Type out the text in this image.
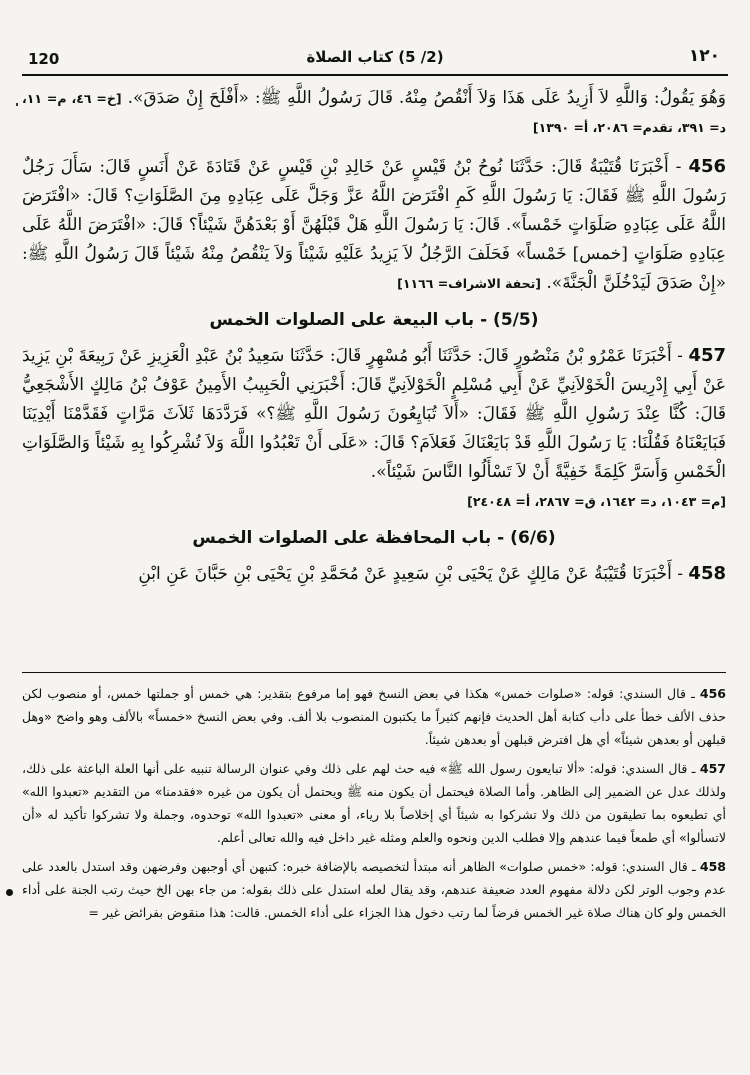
120	(2/ 5) كتاب الصلاة	١٢٠

وَهُوَ يَقُولُ: وَاللَّهِ لاَ أَزِيدُ عَلَى هَذَا وَلاَ أَنْقُصُ مِنْهُ. قَالَ رَسُولُ اللَّهِ ﷺ: «أَفْلَحَ إِنْ صَدَقَ». [خ= ٤٦، م= ١١، د= ٣٩١، تقدم= ٢٠٨٦، أ= ١٣٩٠]

456 - أَخْبَرَنَا قُتَيْبَةُ قَالَ: حَدَّثَنَا نُوحُ بْنُ قَيْسٍ عَنْ خَالِدِ بْنِ قَيْسٍ عَنْ قَتَادَةَ عَنْ أَنَسٍ قَالَ: سَأَلَ رَجُلٌ رَسُولَ اللَّهِ ﷺ فَقَالَ: يَا رَسُولَ اللَّهِ كَمِ افْتَرَضَ اللَّهُ عَزَّ وَجَلَّ عَلَى عِبَادِهِ مِنَ الصَّلَوَاتِ؟ قَالَ: «افْتَرَضَ اللَّهُ عَلَى عِبَادِهِ صَلَوَاتٍ خَمْساً». قَالَ: يَا رَسُولَ اللَّهِ هَلْ قَبْلَهُنَّ أَوْ بَعْدَهُنَّ شَيْئاً؟ قَالَ: «افْتَرَضَ اللَّهُ عَلَى عِبَادِهِ صَلَوَاتٍ [خمس] خَمْساً» فَحَلَفَ الرَّجُلُ لاَ يَزِيدُ عَلَيْهِ شَيْئاً وَلاَ يَنْقُصُ مِنْهُ شَيْئاً قَالَ رَسُولُ اللَّهِ ﷺ: «إِنْ صَدَقَ لَيَدْخُلَنَّ الْجَنَّةَ». [تحفة الاشراف= ١١٦٦]

(5/5) - باب البيعة على الصلوات الخمس

457 - أَخْبَرَنَا عَمْرُو بْنُ مَنْصُورٍ قَالَ: حَدَّثَنَا أَبُو مُسْهِرٍ قَالَ: حَدَّثَنَا سَعِيدُ بْنُ عَبْدِ الْعَزِيزِ عَنْ رَبِيعَةَ بْنِ يَزِيدَ عَنْ أَبِي إِدْرِيسَ الْخَوْلاَنِيِّ عَنْ أَبِي مُسْلِمٍ الْخَوْلاَنِيِّ قَالَ: أَخْبَرَنِي الْحَبِيبُ الأَمِينُ عَوْفُ بْنُ مَالِكٍ الأَشْجَعِيُّ قَالَ: كُنَّا عِنْدَ رَسُولِ اللَّهِ ﷺ فَقَالَ: «أَلاَ تُبَايِعُونَ رَسُولَ اللَّهِ ﷺ؟» فَرَدَّدَهَا ثَلاَثَ مَرَّاتٍ فَقَدَّمْنَا أَيْدِيَنَا فَبَايَعْنَاهُ فَقُلْنَا: يَا رَسُولَ اللَّهِ قَدْ بَايَعْنَاكَ فَعَلاَمَ؟ قَالَ: «عَلَى أَنْ تَعْبُدُوا اللَّهَ وَلاَ تُشْرِكُوا بِهِ شَيْئاً وَالصَّلَوَاتِ الْخَمْسِ وَأَسَرَّ كَلِمَةً خَفِيَّةً أَنْ لاَ تَسْأَلُوا النَّاسَ شَيْئاً».

[م= ١٠٤٣، د= ١٦٤٢، ق= ٢٨٦٧، أ= ٢٤٠٤٨]

(6/6) - باب المحافظة على الصلوات الخمس

458 - أَخْبَرَنَا قُتَيْبَةُ عَنْ مَالِكٍ عَنْ يَحْيَى بْنِ سَعِيدٍ عَنْ مُحَمَّدِ بْنِ يَحْيَى بْنِ حَبَّانَ عَنِ ابْنِ

456 ـ قال السندي: قوله: «صلوات خمس» هكذا في بعض النسخ فهو إما مرفوع بتقدير: هي خمس أو جملتها خمس، أو منصوب لكن حذف الألف خطأ على دأب كتابة أهل الحديث فإنهم كثيراً ما يكتبون المنصوب بلا ألف. وفي بعض النسخ «خمساً» بالألف وهو واضح «وهل قبلهن أو بعدهن شيئاً» أي هل افترض قبلهن أو بعدهن شيئاً.

457 ـ قال السندي: قوله: «ألا تبايعون رسول الله ﷺ» فيه حث لهم على ذلك وفي عنوان الرسالة تنبيه على أنها العلة الباعثة على ذلك، ولذلك عدل عن الضمير إلى الظاهر. وأما الصلاة فيحتمل أن يكون منه ﷺ ويحتمل أن يكون من غيره «فقدمنا» من التقديم «تعبدوا الله» أي تطيعوه بما تطيقون من ذلك ولا تشركوا به شيئاً أي إخلاصاً بلا رياء، أو معنى «تعبدوا الله» توحدوه، وجملة ولا تشركوا تأكيد له «أن لاتسألوا» أي طمعاً فيما عندهم وإلا فطلب الدين ونحوه والعلم ومثله غير داخل فيه والله تعالى أعلم.

458 ـ قال السندي: قوله: «خمس صلوات» الظاهر أنه مبتدأ لتخصيصه بالإضافة خبره: كتبهن أي أوجبهن وفرضهن وقد استدل بالعدد على عدم وجوب الوتر لكن دلالة مفهوم العدد ضعيفة عندهم، وقد يقال لعله استدل على ذلك بقوله: من جاء بهن الخ حيث رتب الجنة على أداء الخمس ولو كان هناك صلاة غير الخمس فرضاً لما رتب دخول هذا الجزاء على أداء الخمس. قالت: هذا منقوض بفرائض غير =
